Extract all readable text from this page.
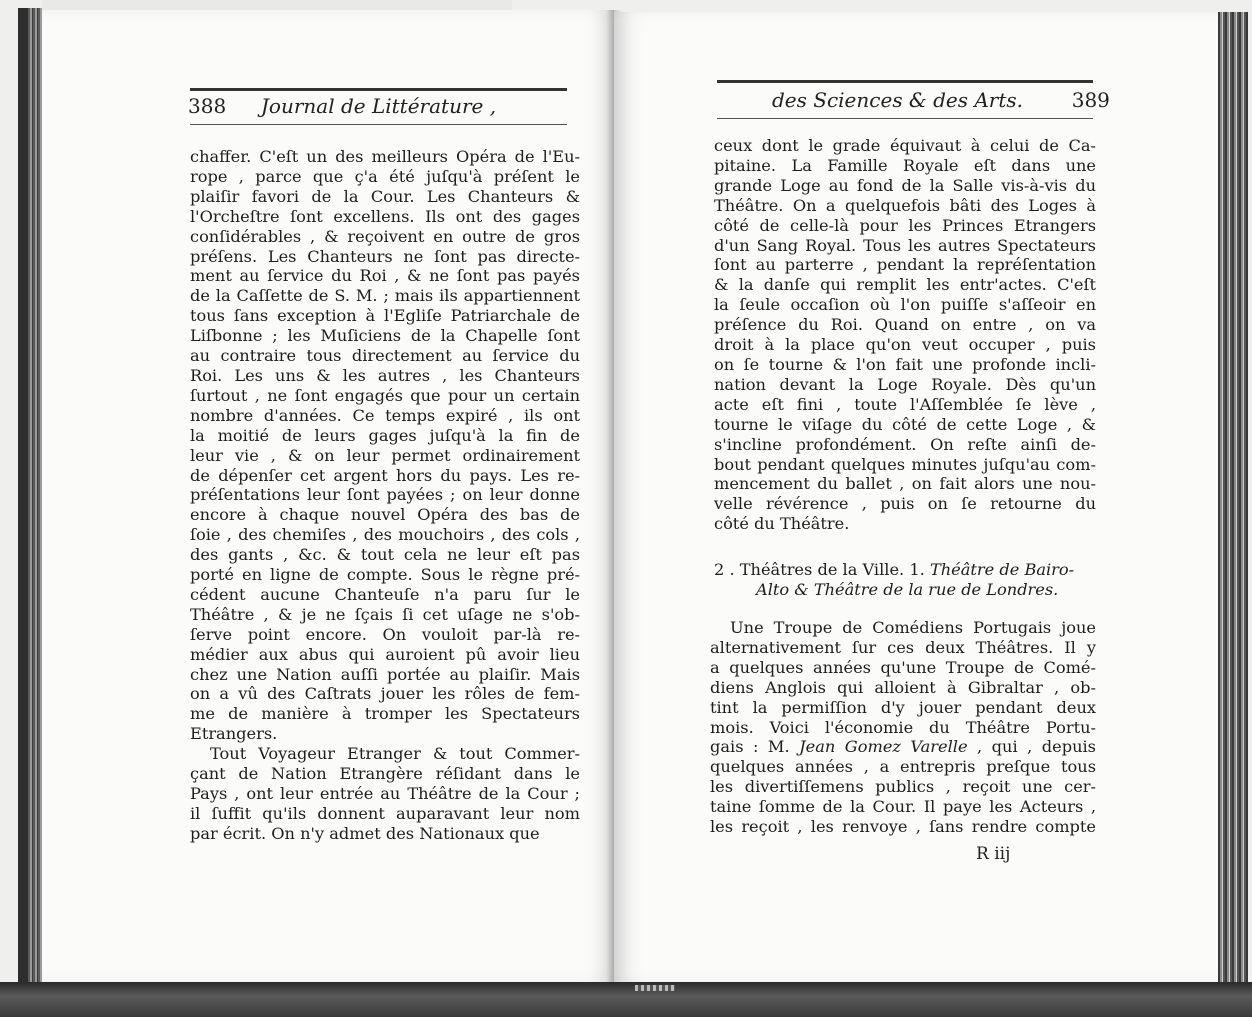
388 Journal de Littérature ,
chaffer. C'eſt un des meilleurs Opéra de l'Eu-
rope , parce que ç'a été juſqu'à préſent le
plaiſir favori de la Cour. Les Chanteurs &
l'Orcheſtre ſont excellens. Ils ont des gages
conſidérables , & reçoivent en outre de gros
préſens. Les Chanteurs ne ſont pas directe-
ment au ſervice du Roi , & ne ſont pas payés
de la Caſſette de S. M. ; mais ils appartiennent
tous ſans exception à l'Egliſe Patriarchale de
Liſbonne ; les Muſiciens de la Chapelle ſont
au contraire tous directement au ſervice du
Roi. Les uns & les autres , les Chanteurs
ſurtout , ne ſont engagés que pour un certain
nombre d'années. Ce temps expiré , ils ont
la moitié de leurs gages juſqu'à la fin de
leur vie , & on leur permet ordinairement
de dépenſer cet argent hors du pays. Les re-
préſentations leur ſont payées ; on leur donne
encore à chaque nouvel Opéra des bas de
ſoie , des chemiſes , des mouchoirs , des cols ,
des gants , &c. & tout cela ne leur eſt pas
porté en ligne de compte. Sous le règne pré-
cédent aucune Chanteuſe n'a paru ſur le
Théâtre , & je ne ſçais ſi cet uſage ne s'ob-
ſerve point encore. On vouloit par-là re-
médier aux abus qui auroient pû avoir lieu
chez une Nation auſſi portée au plaiſir. Mais
on a vû des Caſtrats jouer les rôles de fem-
me de manière à tromper les Spectateurs
Etrangers.
Tout Voyageur Etranger & tout Commer-
çant de Nation Etrangère réſidant dans le
Pays , ont leur entrée au Théâtre de la Cour ;
il ſuffit qu'ils donnent auparavant leur nom
par écrit. On n'y admet des Nationaux que
des Sciences & des Arts. 389
ceux dont le grade équivaut à celui de Ca-
pitaine. La Famille Royale eſt dans une
grande Loge au fond de la Salle vis-à-vis du
Théâtre. On a quelquefois bâti des Loges à
côté de celle-là pour les Princes Etrangers
d'un Sang Royal. Tous les autres Spectateurs
ſont au parterre , pendant la repréſentation
& la danſe qui remplit les entr'actes. C'eſt
la ſeule occaſion où l'on puiſſe s'aſſeoir en
préſence du Roi. Quand on entre , on va
droit à la place qu'on veut occuper , puis
on ſe tourne & l'on fait une profonde incli-
nation devant la Loge Royale. Dès qu'un
acte eſt fini , toute l'Aſſemblée ſe lève ,
tourne le viſage du côté de cette Loge , &
s'incline profondément. On reſte ainſi de-
bout pendant quelques minutes juſqu'au com-
mencement du ballet , on fait alors une nou-
velle révérence , puis on ſe retourne du
côté du Théâtre.
2 . Théâtres de la Ville. 1. Théâtre de Bairo-
Alto & Théâtre de la rue de Londres.
Une Troupe de Comédiens Portugais joue
alternativement ſur ces deux Théâtres. Il y
a quelques années qu'une Troupe de Comé-
diens Anglois qui alloient à Gibraltar , ob-
tint la permiſſion d'y jouer pendant deux
mois. Voici l'économie du Théâtre Portu-
gais : M. Jean Gomez Varelle , qui , depuis
quelques années , a entrepris preſque tous
les divertiſſemens publics , reçoit une cer-
taine ſomme de la Cour. Il paye les Acteurs ,
les reçoit , les renvoye , ſans rendre compte
R iij
